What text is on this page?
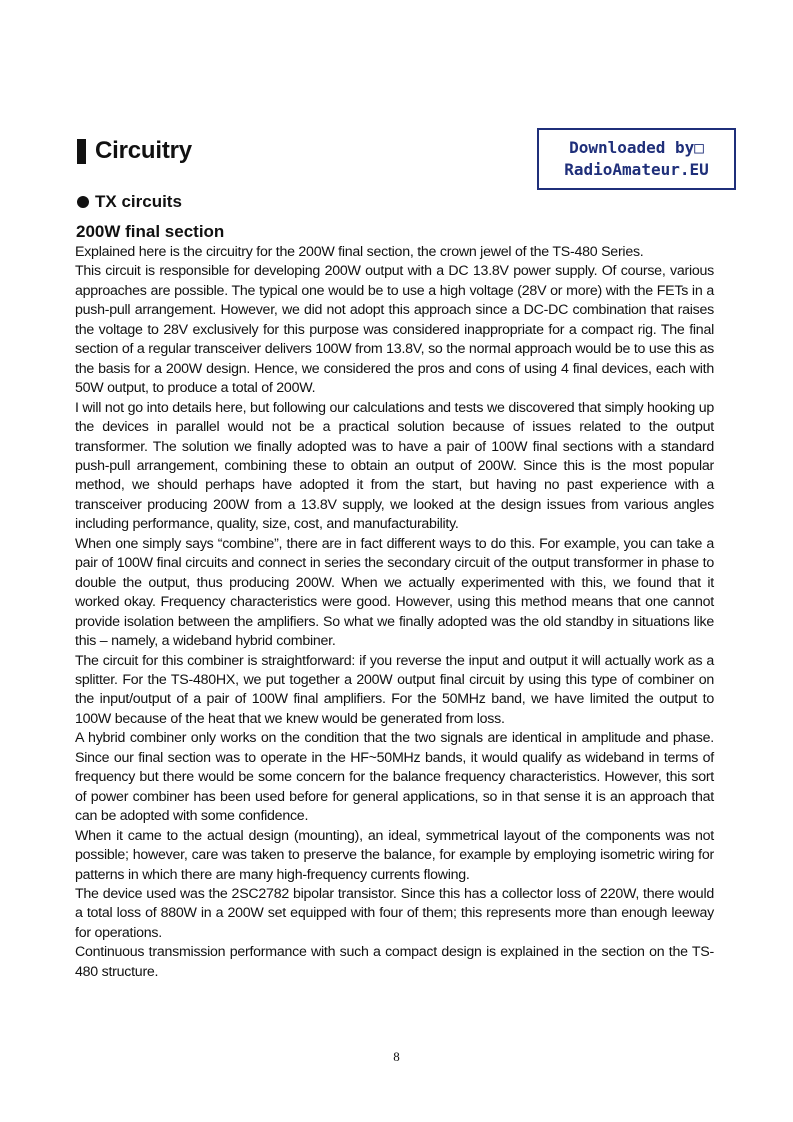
Circuitry	Downloaded by□
RadioAmateur.EU
TX circuits
200W final section

Explained here is the circuitry for the 200W final section, the crown jewel of the TS-480 Series.

This circuit is responsible for developing 200W output with a DC 13.8V power supply. Of course, various approaches are possible. The typical one would be to use a high voltage (28V or more) with the FETs in a push-pull arrangement. However, we did not adopt this approach since a DC-DC combination that raises the voltage to 28V exclusively for this purpose was considered inappropriate for a compact rig. The final section of a regular transceiver delivers 100W from 13.8V, so the normal approach would be to use this as the basis for a 200W design. Hence, we considered the pros and cons of using 4 final devices, each with 50W output, to produce a total of 200W.

I will not go into details here, but following our calculations and tests we discovered that simply hooking up the devices in parallel would not be a practical solution because of issues related to the output transformer. The solution we finally adopted was to have a pair of 100W final sections with a standard push-pull arrangement, combining these to obtain an output of 200W. Since this is the most popular method, we should perhaps have adopted it from the start, but having no past experience with a transceiver producing 200W from a 13.8V supply, we looked at the design issues from various angles including performance, quality, size, cost, and manufacturability.

When one simply says “combine”, there are in fact different ways to do this. For example, you can take a pair of 100W final circuits and connect in series the secondary circuit of the output transformer in phase to double the output, thus producing 200W. When we actually experimented with this, we found that it worked okay. Frequency characteristics were good. However, using this method means that one cannot provide isolation between the amplifiers. So what we finally adopted was the old standby in situations like this – namely, a wideband hybrid combiner.

The circuit for this combiner is straightforward: if you reverse the input and output it will actually work as a splitter. For the TS-480HX, we put together a 200W output final circuit by using this type of combiner on the input/output of a pair of 100W final amplifiers. For the 50MHz band, we have limited the output to 100W because of the heat that we knew would be generated from loss.

A hybrid combiner only works on the condition that the two signals are identical in amplitude and phase. Since our final section was to operate in the HF~50MHz bands, it would qualify as wideband in terms of frequency but there would be some concern for the balance frequency characteristics. However, this sort of power combiner has been used before for general applications, so in that sense it is an approach that can be adopted with some confidence.

When it came to the actual design (mounting), an ideal, symmetrical layout of the components was not possible; however, care was taken to preserve the balance, for example by employing isometric wiring for patterns in which there are many high-frequency currents flowing.

The device used was the 2SC2782 bipolar transistor. Since this has a collector loss of 220W, there would a total loss of 880W in a 200W set equipped with four of them; this represents more than enough leeway for operations.

Continuous transmission performance with such a compact design is explained in the section on the TS-480 structure.

8
